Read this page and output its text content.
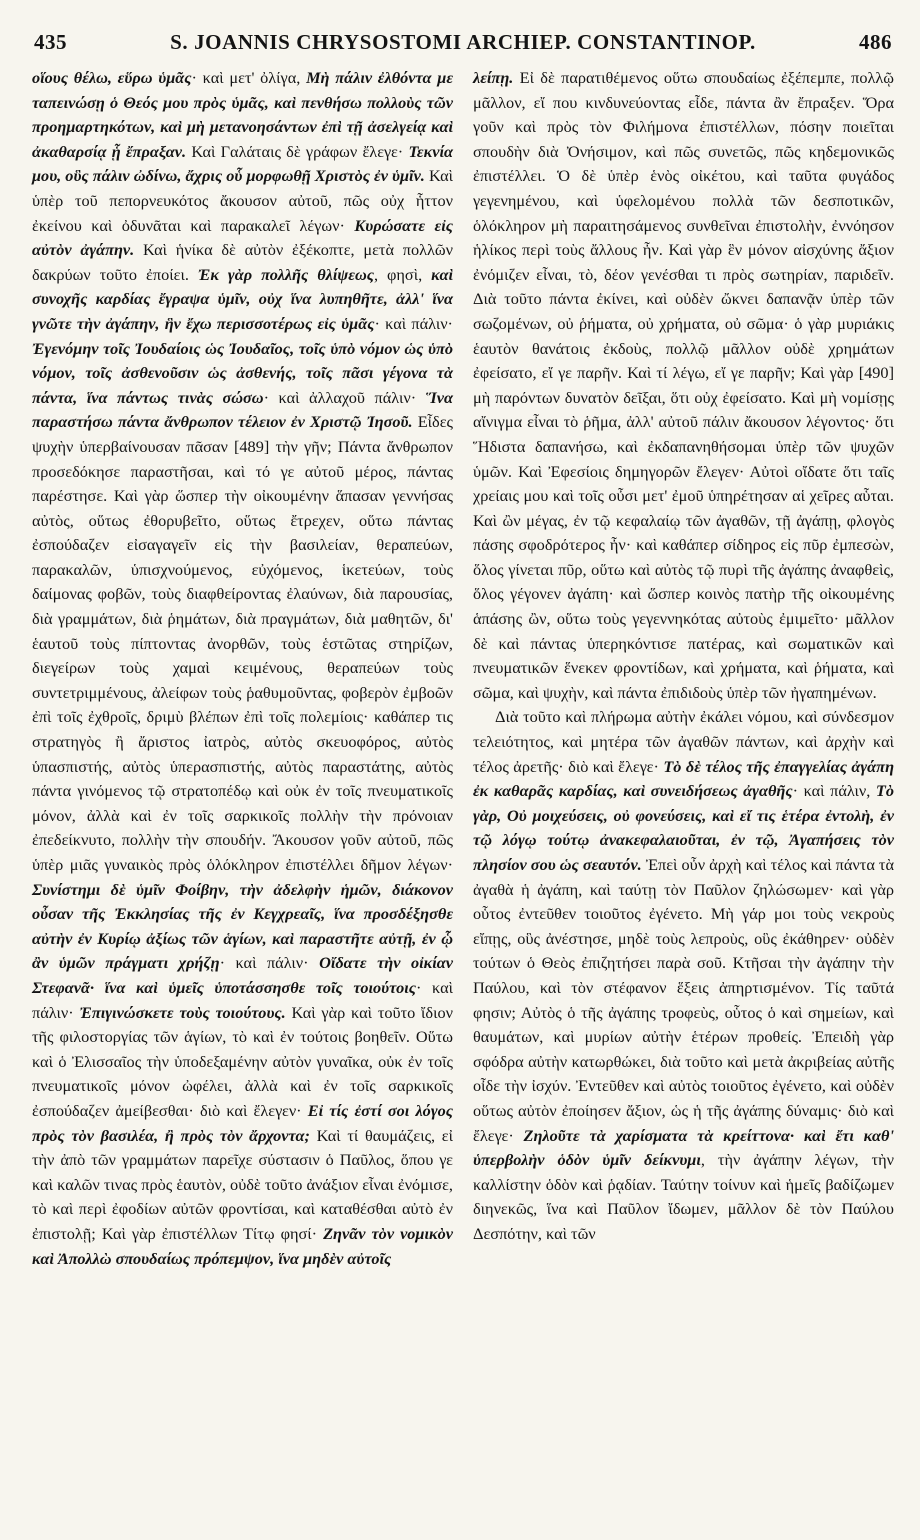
435	S. JOANNIS CHRYSOSTOMI ARCHIEP. CONSTANTINOP.	486

οἵους θέλω, εὕρω ὑμᾶς· καὶ μετ' ὀλίγα, Μὴ πάλιν ἐλθόντα με ταπεινώσῃ ὁ Θεός μου πρὸς ὑμᾶς, καὶ πενθήσω πολλοὺς τῶν προημαρτηκότων, καὶ μὴ μετανοησάντων ἐπὶ τῇ ἀσελγείᾳ καὶ ἀκαθαρσίᾳ ᾗ ἔπραξαν. Καὶ Γαλάταις δὲ γράφων ἔλεγε· Τεκνία μου, οὓς πάλιν ὠδίνω, ἄχρις οὗ μορφωθῇ Χριστὸς ἐν ὑμῖν. Καὶ ὑπὲρ τοῦ πεπορνευκότος ἄκουσον αὐτοῦ, πῶς οὐχ ἧττον ἐκείνου καὶ ὀδυνᾶται καὶ παρακαλεῖ λέγων· Κυρώσατε εἰς αὐτὸν ἀγάπην. Καὶ ἡνίκα δὲ αὐτὸν ἐξέκοπτε, μετὰ πολλῶν δακρύων τοῦτο ἐποίει. Ἐκ γὰρ πολλῆς θλίψεως, φησὶ, καὶ συνοχῆς καρδίας ἔγραψα ὑμῖν, οὐχ ἵνα λυπηθῆτε, ἀλλ' ἵνα γνῶτε τὴν ἀγάπην, ἣν ἔχω περισσοτέρως εἰς ὑμᾶς· καὶ πάλιν· Ἐγενόμην τοῖς Ἰουδαίοις ὡς Ἰουδαῖος, τοῖς ὑπὸ νόμον ὡς ὑπὸ νόμον, τοῖς ἀσθενοῦσιν ὡς ἀσθενής, τοῖς πᾶσι γέγονα τὰ πάντα, ἵνα πάντως τινὰς σώσω· καὶ ἀλλαχοῦ πάλιν· Ἵνα παραστήσω πάντα ἄνθρωπον τέλειον ἐν Χριστῷ Ἰησοῦ. Εἶδες ψυχὴν ὑπερβαίνουσαν πᾶσαν [489] τὴν γῆν; Πάντα ἄνθρωπον προσεδόκησε παραστῆσαι, καὶ τό γε αὐτοῦ μέρος, πάντας παρέστησε. Καὶ γὰρ ὥσπερ τὴν οἰκουμένην ἅπασαν γεννήσας αὐτὸς, οὕτως ἐθορυβεῖτο, οὕτως ἔτρεχεν, οὕτω πάντας ἐσπούδαζεν εἰσαγαγεῖν εἰς τὴν βασιλείαν, θεραπεύων, παρακαλῶν, ὑπισχνούμενος, εὐχόμενος, ἱκετεύων, τοὺς δαίμονας φοβῶν, τοὺς διαφθείροντας ἐλαύνων, διὰ παρουσίας, διὰ γραμμάτων, διὰ ῥημάτων, διὰ πραγμάτων, διὰ μαθητῶν, δι' ἑαυτοῦ τοὺς πίπτοντας ἀνορθῶν, τοὺς ἑστῶτας στηρίζων, διεγείρων τοὺς χαμαὶ κειμένους, θεραπεύων τοὺς συντετριμμένους, ἀλείφων τοὺς ῥαθυμοῦντας, φοβερὸν ἐμβοῶν ἐπὶ τοῖς ἐχθροῖς, δριμὺ βλέπων ἐπὶ τοῖς πολεμίοις· καθάπερ τις στρατηγὸς ἢ ἄριστος ἰατρὸς, αὐτὸς σκευοφόρος, αὐτὸς ὑπασπιστής, αὐτὸς ὑπερασπιστής, αὐτὸς παραστάτης, αὐτὸς πάντα γινόμενος τῷ στρατοπέδῳ καὶ οὐκ ἐν τοῖς πνευματικοῖς μόνον, ἀλλὰ καὶ ἐν τοῖς σαρκικοῖς πολλὴν τὴν πρόνοιαν ἐπεδείκνυτο, πολλὴν τὴν σπουδήν. Ἄκουσον γοῦν αὐτοῦ, πῶς ὑπὲρ μιᾶς γυναικὸς πρὸς ὁλόκληρον ἐπιστέλλει δῆμον λέγων· Συνίστημι δὲ ὑμῖν Φοίβην, τὴν ἀδελφὴν ἡμῶν, διάκονον οὖσαν τῆς Ἐκκλησίας τῆς ἐν Κεγχρεαῖς, ἵνα προσδέξησθε αὐτὴν ἐν Κυρίῳ ἀξίως τῶν ἁγίων, καὶ παραστῆτε αὐτῇ, ἐν ᾧ ἂν ὑμῶν πράγματι χρήζῃ· καὶ πάλιν· Οἴδατε τὴν οἰκίαν Στεφανᾶ· ἵνα καὶ ὑμεῖς ὑποτάσσησθε τοῖς τοιούτοις· καὶ πάλιν· Ἐπιγινώσκετε τοὺς τοιούτους. Καὶ γὰρ καὶ τοῦτο ἴδιον τῆς φιλοστοργίας τῶν ἁγίων, τὸ καὶ ἐν τούτοις βοηθεῖν. Οὕτω καὶ ὁ Ἐλισσαῖος τὴν ὑποδεξαμένην αὐτὸν γυναῖκα, οὐκ ἐν τοῖς πνευματικοῖς μόνον ὠφέλει, ἀλλὰ καὶ ἐν τοῖς σαρκικοῖς ἐσπούδαζεν ἀμείβεσθαι· διὸ καὶ ἔλεγεν· Εἰ τίς ἐστί σοι λόγος πρὸς τὸν βασιλέα, ἢ πρὸς τὸν ἄρχοντα; Καὶ τί θαυμάζεις, εἰ τὴν ἀπὸ τῶν γραμμάτων παρεῖχε σύστασιν ὁ Παῦλος, ὅπου γε καὶ καλῶν τινας πρὸς ἑαυτὸν, οὐδὲ τοῦτο ἀνάξιον εἶναι ἐνόμισε, τὸ καὶ περὶ ἐφοδίων αὐτῶν φροντίσαι, καὶ καταθέσθαι αὐτὸ ἐν ἐπιστολῇ; Καὶ γὰρ ἐπιστέλλων Τίτῳ φησί· Ζηνᾶν τὸν νομικὸν καὶ Ἀπολλὼ σπουδαίως πρόπεμψον, ἵνα μηδὲν αὐτοῖς

λείπῃ. Εἰ δὲ παρατιθέμενος οὕτω σπουδαίως ἐξέπεμπε, πολλῷ μᾶλλον, εἴ που κινδυνεύοντας εἶδε, πάντα ἂν ἔπραξεν. Ὅρα γοῦν καὶ πρὸς τὸν Φιλήμονα ἐπιστέλλων, πόσην ποιεῖται σπουδὴν διὰ Ὀνήσιμον, καὶ πῶς συνετῶς, πῶς κηδεμονικῶς ἐπιστέλλει. Ὁ δὲ ὑπὲρ ἑνὸς οἰκέτου, καὶ ταῦτα φυγάδος γεγενημένου, καὶ ὑφελομένου πολλὰ τῶν δεσποτικῶν, ὁλόκληρον μὴ παραιτησάμενος συνθεῖναι ἐπιστολὴν, ἐννόησον ἡλίκος περὶ τοὺς ἄλλους ἦν. Καὶ γὰρ ἓν μόνον αἰσχύνης ἄξιον ἐνόμιζεν εἶναι, τὸ, δέον γενέσθαι τι πρὸς σωτηρίαν, παριδεῖν. Διὰ τοῦτο πάντα ἐκίνει, καὶ οὐδὲν ὤκνει δαπανᾷν ὑπὲρ τῶν σωζομένων, οὐ ῥήματα, οὐ χρήματα, οὐ σῶμα· ὁ γὰρ μυριάκις ἑαυτὸν θανάτοις ἐκδοὺς, πολλῷ μᾶλλον οὐδὲ χρημάτων ἐφείσατο, εἴ γε παρῆν. Καὶ τί λέγω, εἴ γε παρῆν; Καὶ γὰρ [490] μὴ παρόντων δυνατὸν δεῖξαι, ὅτι οὐχ ἐφείσατο. Καὶ μὴ νομίσῃς αἴνιγμα εἶναι τὸ ῥῆμα, ἀλλ' αὐτοῦ πάλιν ἄκουσον λέγοντος· ὅτι Ἥδιστα δαπανήσω, καὶ ἐκδαπανηθήσομαι ὑπὲρ τῶν ψυχῶν ὑμῶν. Καὶ Ἐφεσίοις δημηγορῶν ἔλεγεν· Αὐτοὶ οἴδατε ὅτι ταῖς χρείαις μου καὶ τοῖς οὖσι μετ' ἐμοῦ ὑπηρέτησαν αἱ χεῖρες αὗται. Καὶ ὢν μέγας, ἐν τῷ κεφαλαίῳ τῶν ἀγαθῶν, τῇ ἀγάπῃ, φλογὸς πάσης σφοδρότερος ἦν· καὶ καθάπερ σίδηρος εἰς πῦρ ἐμπεσὼν, ὅλος γίνεται πῦρ, οὕτω καὶ αὐτὸς τῷ πυρὶ τῆς ἀγάπης ἀναφθεὶς, ὅλος γέγονεν ἀγάπη· καὶ ὥσπερ κοινὸς πατὴρ τῆς οἰκουμένης ἁπάσης ὢν, οὕτω τοὺς γεγεννηκότας αὐτοὺς ἐμιμεῖτο· μᾶλλον δὲ καὶ πάντας ὑπερηκόντισε πατέρας, καὶ σωματικῶν καὶ πνευματικῶν ἕνεκεν φροντίδων, καὶ χρήματα, καὶ ῥήματα, καὶ σῶμα, καὶ ψυχὴν, καὶ πάντα ἐπιδιδοὺς ὑπὲρ τῶν ἠγαπημένων.

Διὰ τοῦτο καὶ πλήρωμα αὐτὴν ἐκάλει νόμου, καὶ σύνδεσμον τελειότητος, καὶ μητέρα τῶν ἀγαθῶν πάντων, καὶ ἀρχὴν καὶ τέλος ἀρετῆς· διὸ καὶ ἔλεγε· Τὸ δὲ τέλος τῆς ἐπαγγελίας ἀγάπη ἐκ καθαρᾶς καρδίας, καὶ συνειδήσεως ἀγαθῆς· καὶ πάλιν, Τὸ γὰρ, Οὐ μοιχεύσεις, οὐ φονεύσεις, καὶ εἴ τις ἑτέρα ἐντολὴ, ἐν τῷ λόγῳ τούτῳ ἀνακεφαλαιοῦται, ἐν τῷ, Ἀγαπήσεις τὸν πλησίον σου ὡς σεαυτόν. Ἐπεὶ οὖν ἀρχὴ καὶ τέλος καὶ πάντα τὰ ἀγαθὰ ἡ ἀγάπη, καὶ ταύτῃ τὸν Παῦλον ζηλώσωμεν· καὶ γὰρ οὗτος ἐντεῦθεν τοιοῦτος ἐγένετο. Μὴ γάρ μοι τοὺς νεκροὺς εἴπῃς, οὓς ἀνέστησε, μηδὲ τοὺς λεπροὺς, οὓς ἐκάθηρεν· οὐδὲν τούτων ὁ Θεὸς ἐπιζητήσει παρὰ σοῦ. Κτῆσαι τὴν ἀγάπην τὴν Παύλου, καὶ τὸν στέφανον ἕξεις ἀπηρτισμένον. Τίς ταῦτά φησιν; Αὐτὸς ὁ τῆς ἀγάπης τροφεὺς, οὗτος ὁ καὶ σημείων, καὶ θαυμάτων, καὶ μυρίων αὐτὴν ἑτέρων προθείς. Ἐπειδὴ γὰρ σφόδρα αὐτὴν κατωρθώκει, διὰ τοῦτο καὶ μετὰ ἀκριβείας αὐτῆς οἶδε τὴν ἰσχύν. Ἐντεῦθεν καὶ αὐτὸς τοιοῦτος ἐγένετο, καὶ οὐδὲν οὕτως αὐτὸν ἐποίησεν ἄξιον, ὡς ἡ τῆς ἀγάπης δύναμις· διὸ καὶ ἔλεγε· Ζηλοῦτε τὰ χαρίσματα τὰ κρείττονα· καὶ ἔτι καθ' ὑπερβολὴν ὁδὸν ὑμῖν δείκνυμι, τὴν ἀγάπην λέγων, τὴν καλλίστην ὁδὸν καὶ ῥᾳδίαν. Ταύτην τοίνυν καὶ ἡμεῖς βαδίζωμεν διηνεκῶς, ἵνα καὶ Παῦλον ἴδωμεν, μᾶλλον δὲ τὸν Παύλου Δεσπότην, καὶ τῶν
